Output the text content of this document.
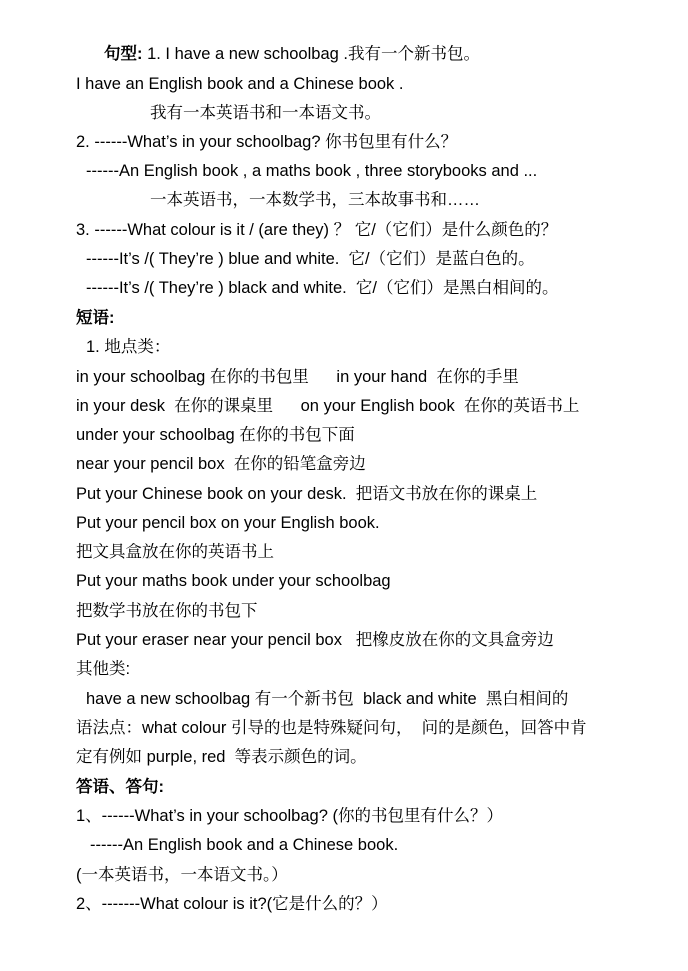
句型: 1. I have a new schoolbag .我有一个新书包。
I have an English book and a Chinese book .
我有一本英语书和一本语文书。
2. ------What’s in your schoolbag? 你书包里有什么？
------An English book , a maths book , three storybooks and ...
一本英语书，一本数学书，三本故事书和……
3. ------What colour is it / (are they) ？ 它/（它们）是什么颜色的？
------It’s /( They’re ) blue and white.  它/（它们）是蓝白色的。
------It’s /( They’re ) black and white.  它/（它们）是黑白相间的。
短语:
1. 地点类：
in your schoolbag 在你的书包里      in your hand  在你的手里
in your desk  在你的课桌里      on your English book  在你的英语书上
under your schoolbag 在你的书包下面
near your pencil box  在你的铅笔盒旁边
Put your Chinese book on your desk.  把语文书放在你的课桌上
Put your pencil box on your English book.
把文具盒放在你的英语书上
Put your maths book under your schoolbag
把数学书放在你的书包下
Put your eraser near your pencil box   把橡皮放在你的文具盒旁边
其他类:
have a new schoolbag 有一个新书包  black and white  黑白相间的
语法点：what colour 引导的也是特殊疑问句，  问的是颜色，回答中肯
定有例如 purple, red  等表示颜色的词。
答语、答句:
1、------What’s in your schoolbag? (你的书包里有什么？）
------An English book and a Chinese book.
(一本英语书，一本语文书。）
2、-------What colour is it?(它是什么的？）
